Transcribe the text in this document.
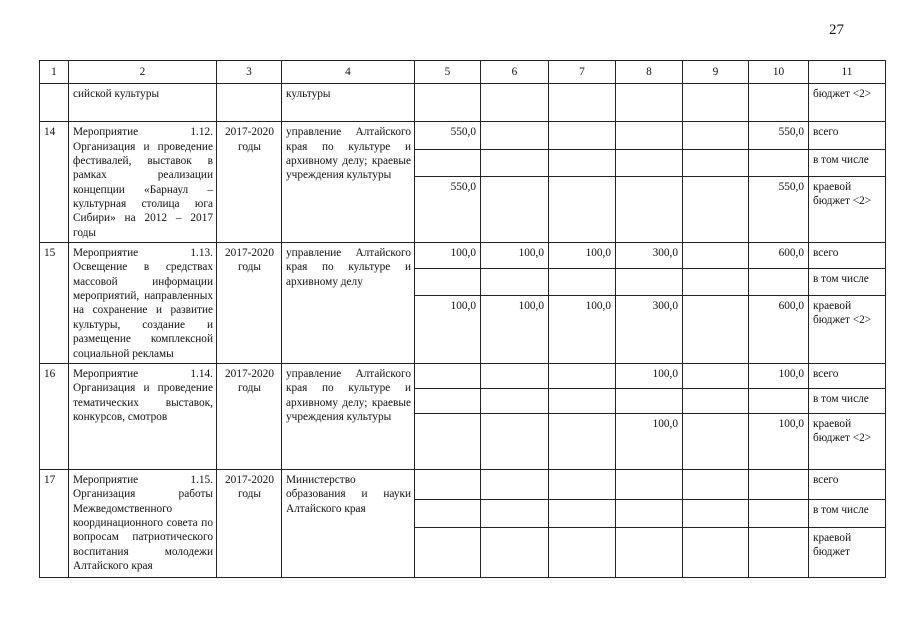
27
1	2	3	4	5	6	7	8	9	10	11
	сийской культуры		культуры							бюджет <2>
14	Мероприятие 1.12. Организация и проведение фестивалей, выставок в рамках реализации концепции «Барнаул – культурная столица юга Сибири» на 2012 – 2017 годы	2017-2020 годы	управление Алтайского края по культуре и архивному делу; краевые учреждения культуры	550,0					550,0	всего
										в том числе
				550,0					550,0	краевой бюджет <2>
15	Мероприятие 1.13. Освещение в средствах массовой информации мероприятий, направленных на сохранение и развитие культуры, создание и размещение комплексной социальной рекламы	2017-2020 годы	управление Алтайского края по культуре и архивному делу	100,0	100,0	100,0	300,0		600,0	всего
										в том числе
				100,0	100,0	100,0	300,0		600,0	краевой бюджет <2>
16	Мероприятие 1.14. Организация и проведение тематических выставок, конкурсов, смотров	2017-2020 годы	управление Алтайского края по культуре и архивному делу; краевые учреждения культуры				100,0		100,0	всего
										в том числе
							100,0		100,0	краевой бюджет <2>
17	Мероприятие 1.15. Организация работы Межведомственного координационного совета по вопросам патриотического воспитания молодежи Алтайского края	2017-2020 годы	Министерство образования и науки Алтайского края							всего
										в том числе
										краевой бюджет
